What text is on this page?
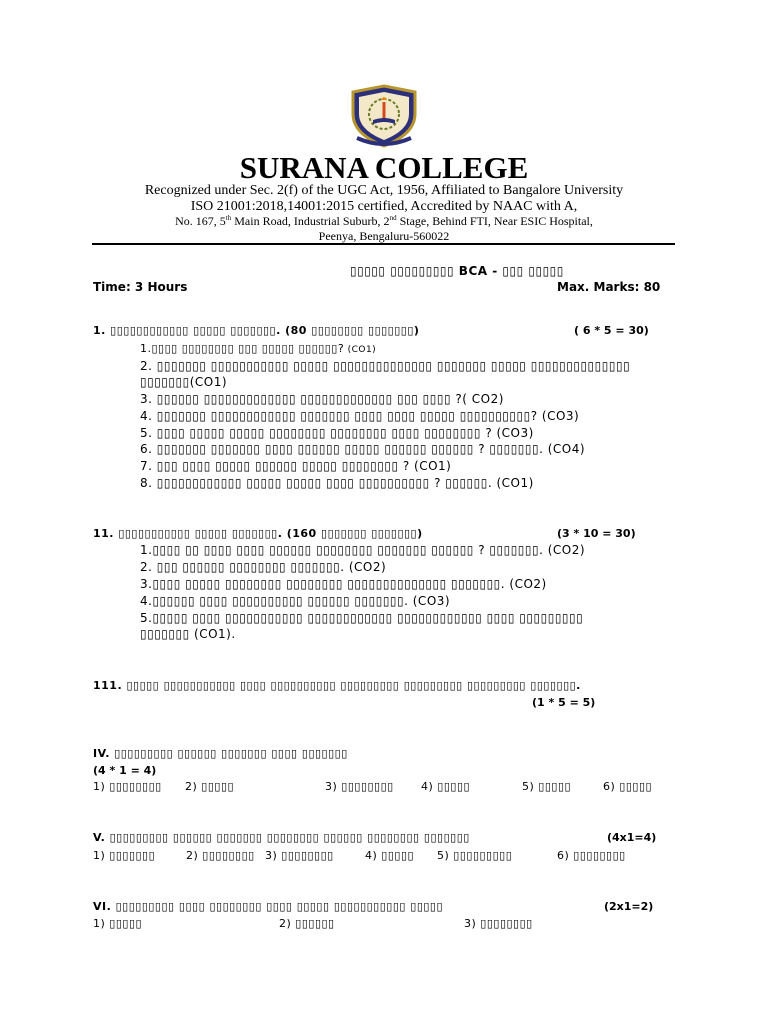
SURANA COLLEGE
Recognized under Sec. 2(f) of the UGC Act, 1956, Affiliated to Bangalore University
ISO 21001:2018,14001:2015 certified, Accredited by NAAC with A,
No. 167, 5th Main Road, Industrial Suburb, 2nd Stage, Behind FTI, Near ESIC Hospital,
Peenya, Bengaluru-560022
▯▯▯▯▯ ▯▯▯▯▯▯▯▯▯ BCA - ▯▯▯ ▯▯▯▯▯
Time: 3 Hours	Max. Marks: 80
1. ▯▯▯▯▯▯▯▯▯▯▯▯ ▯▯▯▯▯ ▯▯▯▯▯▯▯. (80 ▯▯▯▯▯▯▯▯ ▯▯▯▯▯▯▯)	( 6 * 5 = 30)
1.▯▯▯▯ ▯▯▯▯▯▯▯▯ ▯▯▯ ▯▯▯▯▯ ▯▯▯▯▯▯? (CO1)
2. ▯▯▯▯▯▯▯ ▯▯▯▯▯▯▯▯▯▯▯ ▯▯▯▯▯ ▯▯▯▯▯▯▯▯▯▯▯▯▯▯ ▯▯▯▯▯▯▯ ▯▯▯▯▯ ▯▯▯▯▯▯▯▯▯▯▯▯▯▯
▯▯▯▯▯▯▯(CO1)
3. ▯▯▯▯▯▯ ▯▯▯▯▯▯▯▯▯▯▯▯▯ ▯▯▯▯▯▯▯▯▯▯▯▯▯ ▯▯▯ ▯▯▯▯ ?( CO2)
4. ▯▯▯▯▯▯▯ ▯▯▯▯▯▯▯▯▯▯▯▯ ▯▯▯▯▯▯▯ ▯▯▯▯ ▯▯▯▯ ▯▯▯▯▯ ▯▯▯▯▯▯▯▯▯▯? (CO3)
5. ▯▯▯▯ ▯▯▯▯▯ ▯▯▯▯▯ ▯▯▯▯▯▯▯▯ ▯▯▯▯▯▯▯▯ ▯▯▯▯ ▯▯▯▯▯▯▯▯ ? (CO3)
6. ▯▯▯▯▯▯▯ ▯▯▯▯▯▯▯ ▯▯▯▯ ▯▯▯▯▯▯ ▯▯▯▯▯ ▯▯▯▯▯▯ ▯▯▯▯▯▯ ? ▯▯▯▯▯▯▯. (CO4)
7. ▯▯▯ ▯▯▯▯ ▯▯▯▯▯ ▯▯▯▯▯▯ ▯▯▯▯▯ ▯▯▯▯▯▯▯▯ ? (CO1)
8. ▯▯▯▯▯▯▯▯▯▯▯▯ ▯▯▯▯▯ ▯▯▯▯▯ ▯▯▯▯ ▯▯▯▯▯▯▯▯▯▯ ? ▯▯▯▯▯▯. (CO1)
11. ▯▯▯▯▯▯▯▯▯▯▯ ▯▯▯▯▯ ▯▯▯▯▯▯▯. (160 ▯▯▯▯▯▯▯ ▯▯▯▯▯▯▯)	(3 * 10 = 30)
1.▯▯▯▯ ▯▯ ▯▯▯▯ ▯▯▯▯ ▯▯▯▯▯▯ ▯▯▯▯▯▯▯▯ ▯▯▯▯▯▯▯ ▯▯▯▯▯▯ ? ▯▯▯▯▯▯▯. (CO2)
2. ▯▯▯ ▯▯▯▯▯▯ ▯▯▯▯▯▯▯▯ ▯▯▯▯▯▯▯. (CO2)
3.▯▯▯▯ ▯▯▯▯▯ ▯▯▯▯▯▯▯▯ ▯▯▯▯▯▯▯▯ ▯▯▯▯▯▯▯▯▯▯▯▯▯▯ ▯▯▯▯▯▯▯. (CO2)
4.▯▯▯▯▯▯ ▯▯▯▯ ▯▯▯▯▯▯▯▯▯▯ ▯▯▯▯▯▯ ▯▯▯▯▯▯▯. (CO3)
5.▯▯▯▯▯ ▯▯▯▯ ▯▯▯▯▯▯▯▯▯▯▯ ▯▯▯▯▯▯▯▯▯▯▯▯ ▯▯▯▯▯▯▯▯▯▯▯▯ ▯▯▯▯ ▯▯▯▯▯▯▯▯▯
▯▯▯▯▯▯▯ (CO1).
111. ▯▯▯▯▯ ▯▯▯▯▯▯▯▯▯▯▯ ▯▯▯▯ ▯▯▯▯▯▯▯▯▯▯ ▯▯▯▯▯▯▯▯▯ ▯▯▯▯▯▯▯▯▯ ▯▯▯▯▯▯▯▯▯ ▯▯▯▯▯▯▯.
(1 * 5 = 5)
IV. ▯▯▯▯▯▯▯▯▯ ▯▯▯▯▯▯ ▯▯▯▯▯▯▯ ▯▯▯▯ ▯▯▯▯▯▯▯
(4 * 1 = 4)
1) ▯▯▯▯▯▯▯▯ 2) ▯▯▯▯▯	3) ▯▯▯▯▯▯▯▯ 4) ▯▯▯▯▯	5) ▯▯▯▯▯	6) ▯▯▯▯▯
V. ▯▯▯▯▯▯▯▯▯ ▯▯▯▯▯▯ ▯▯▯▯▯▯▯ ▯▯▯▯▯▯▯▯ ▯▯▯▯▯▯ ▯▯▯▯▯▯▯▯ ▯▯▯▯▯▯▯	(4x1=4)
1) ▯▯▯▯▯▯▯	2) ▯▯▯▯▯▯▯▯ 3) ▯▯▯▯▯▯▯▯	4) ▯▯▯▯▯ 5) ▯▯▯▯▯▯▯▯▯	6) ▯▯▯▯▯▯▯▯
VI. ▯▯▯▯▯▯▯▯▯ ▯▯▯▯ ▯▯▯▯▯▯▯▯ ▯▯▯▯ ▯▯▯▯▯ ▯▯▯▯▯▯▯▯▯▯▯ ▯▯▯▯▯	(2x1=2)
1) ▯▯▯▯▯	2) ▯▯▯▯▯▯	3) ▯▯▯▯▯▯▯▯
